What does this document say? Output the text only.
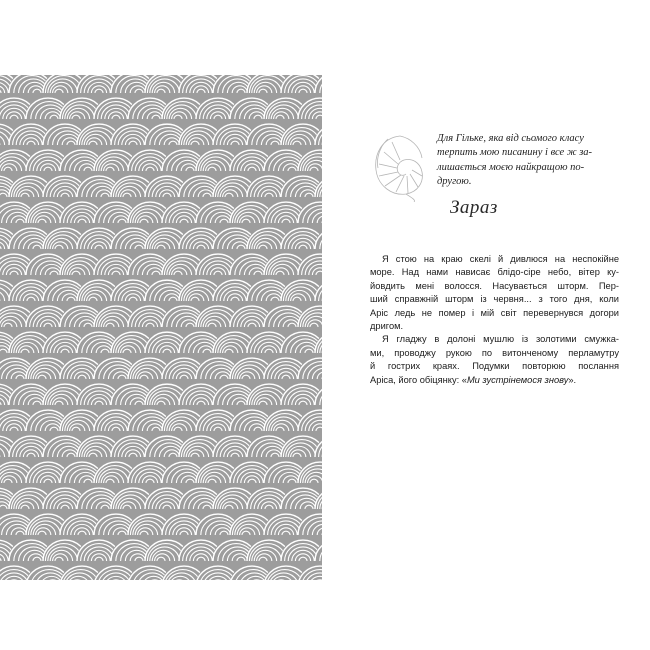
Для Гільке, яка від сьомого класу
терпить мою писанину і все ж за-
лишається моєю найкращою по-
другою.
Зараз
Я стою на краю скелі й дивлюся на неспокійне
море. Над нами нависає блідо-сіре небо, вітер ку-
йовдить мені волосся. Насувається шторм. Пер-
ший справжній шторм із червня... з того дня, коли
Аріс ледь не помер і мій світ перевернувся догори
дригом.
Я гладжу в долоні мушлю із золотими смужка-
ми, проводжу рукою по витонченому перламутру
й гострих краях. Подумки повторюю послання
Аріса, його обіцянку: «Ми зустрінемося знову».
